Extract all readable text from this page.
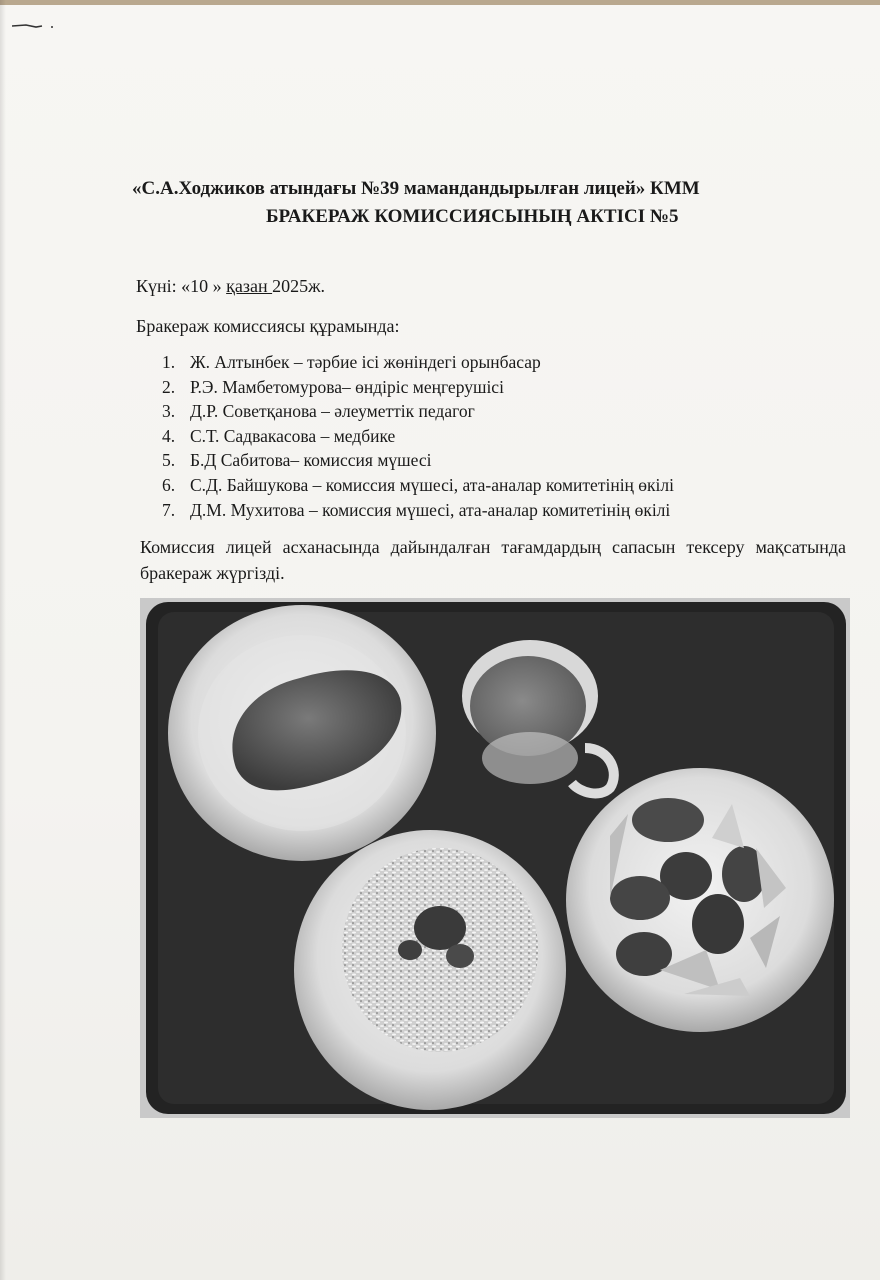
«С.А.Ходжиков атындағы №39 мамандандырылған лицей» КММ
БРАКЕРАЖ КОМИССИЯСЫНЫҢ АКТІСІ №5
Күні: «10 » қазан 2025ж.
Бракераж комиссиясы құрамында:
1. Ж. Алтынбек – тәрбие ісі жөніндегі орынбасар
2. Р.Э. Мамбетомурова– өндіріс меңгерушісі
3. Д.Р. Советқанова – әлеуметтік педагог
4. С.Т. Садвакасова – медбике
5. Б.Д Сабитова– комиссия мүшесі
6. С.Д. Байшукова – комиссия мүшесі, ата-аналар комитетінің өкілі
7. Д.М. Мухитова – комиссия мүшесі, ата-аналар комитетінің өкілі
Комиссия лицей асханасында дайындалған тағамдардың сапасын тексеру мақсатында бракераж жүргізді.
